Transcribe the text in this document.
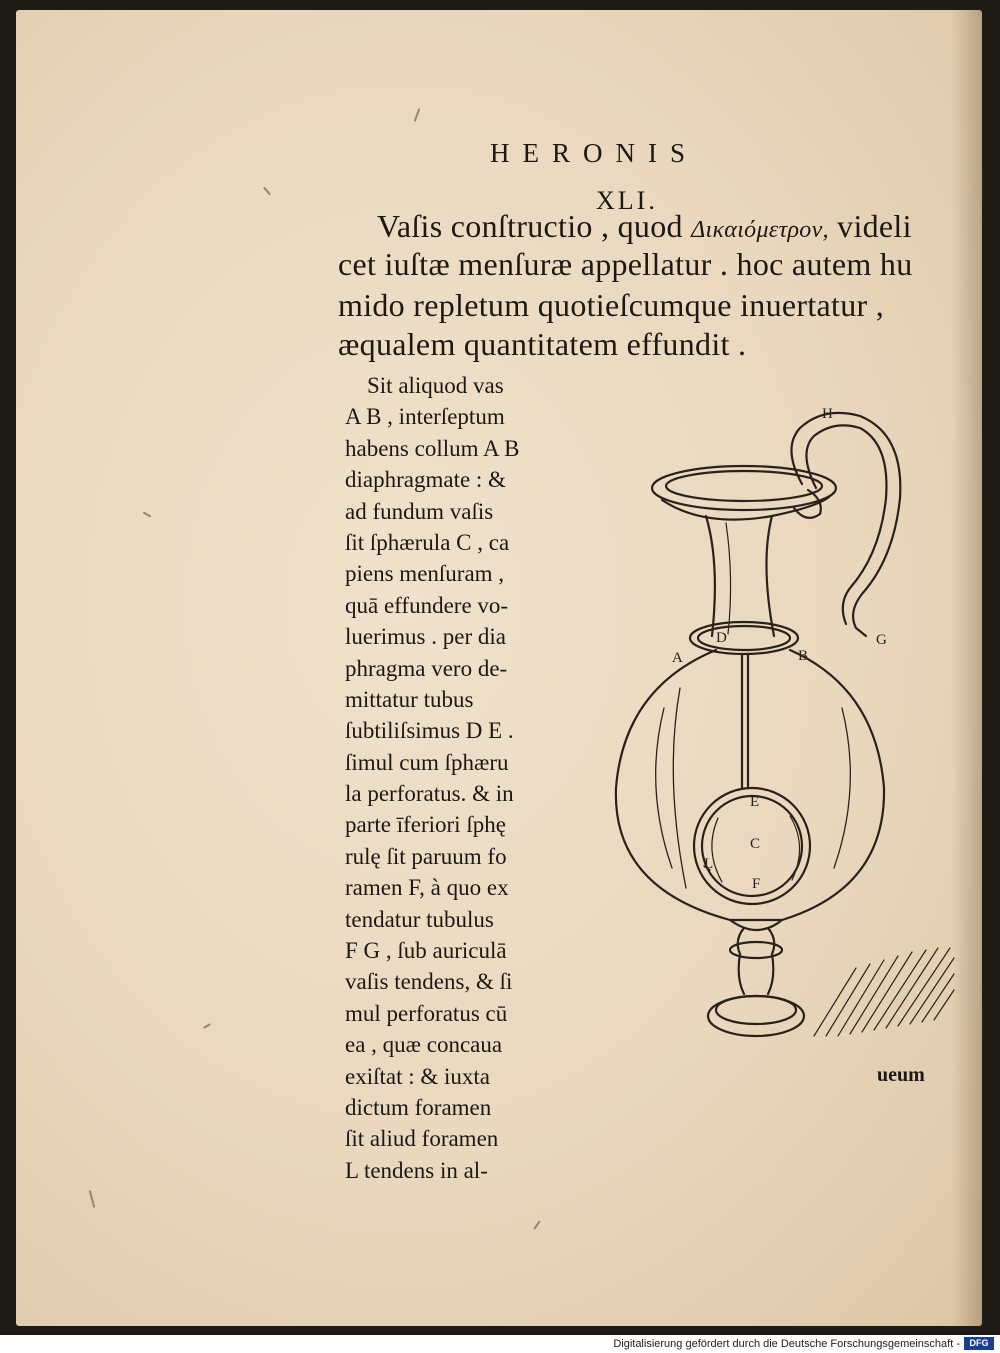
HERONIS
XLI.
Vaſis conſtructio , quod Δικαιόμετρον, videli
cet iuſtæ menſuræ appellatur . hoc autem hu
mido repletum quotieſcumque inuertatur ,
æqualem quantitatem effundit .
Sit aliquod vas
A B , interſeptum
habens collum A B
diaphragmate : &
ad fundum vaſis
ſit ſphærula C , ca
piens menſuram ,
quā effundere vo-
luerimus . per dia
phragma vero de-
mittatur tubus
ſubtiliſsimus D E .
ſimul cum ſphæru
la perforatus. & in
parte īferiori ſphę
rulę ſit paruum fo
ramen F, à quo ex
tendatur tubulus
F G , ſub auriculā
vaſis tendens, & ſi
mul perforatus cū
ea , quæ concaua
exiſtat : & iuxta
dictum foramen
ſit aliud foramen
L tendens in al-
H
D
A	B
G
E
C
L
F
ueum
Digitalisierung gefördert durch die Deutsche Forschungsgemeinschaft -	DFG
